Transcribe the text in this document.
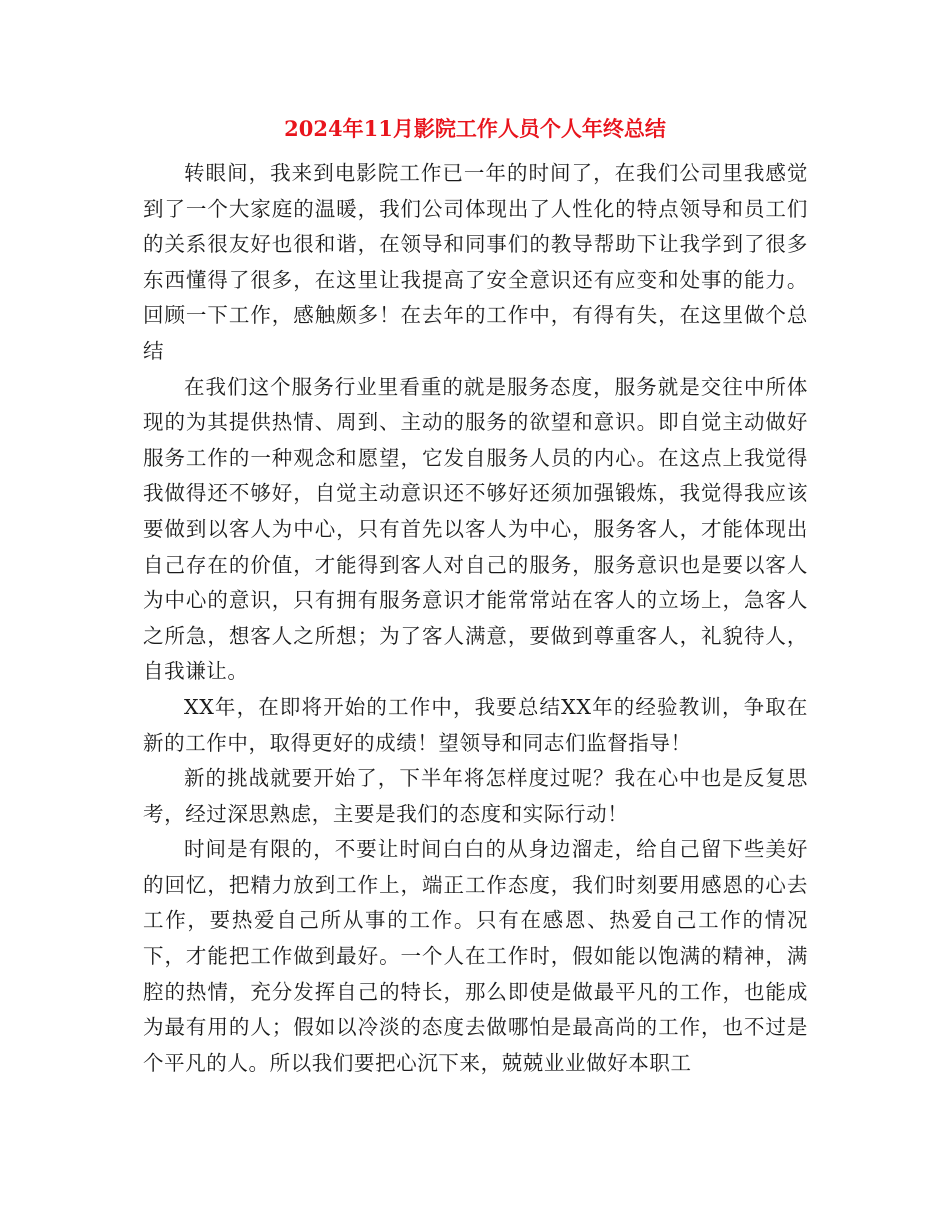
2024年11月影院工作人员个人年终总结

转眼间，我来到电影院工作已一年的时间了，在我们公司里我感觉到了一个大家庭的温暖，我们公司体现出了人性化的特点领导和员工们的关系很友好也很和谐，在领导和同事们的教导帮助下让我学到了很多东西懂得了很多，在这里让我提高了安全意识还有应变和处事的能力。回顾一下工作，感触颇多！在去年的工作中，有得有失，在这里做个总结

在我们这个服务行业里看重的就是服务态度，服务就是交往中所体现的为其提供热情、周到、主动的服务的欲望和意识。即自觉主动做好服务工作的一种观念和愿望，它发自服务人员的内心。在这点上我觉得我做得还不够好，自觉主动意识还不够好还须加强锻炼，我觉得我应该要做到以客人为中心，只有首先以客人为中心，服务客人，才能体现出自己存在的价值，才能得到客人对自己的服务，服务意识也是要以客人为中心的意识，只有拥有服务意识才能常常站在客人的立场上，急客人之所急，想客人之所想；为了客人满意，要做到尊重客人，礼貌待人，自我谦让。

XX年，在即将开始的工作中，我要总结XX年的经验教训，争取在新的工作中，取得更好的成绩！望领导和同志们监督指导！

新的挑战就要开始了，下半年将怎样度过呢？我在心中也是反复思考，经过深思熟虑，主要是我们的态度和实际行动！

时间是有限的，不要让时间白白的从身边溜走，给自己留下些美好的回忆，把精力放到工作上，端正工作态度，我们时刻要用感恩的心去工作，要热爱自己所从事的工作。只有在感恩、热爱自己工作的情况下，才能把工作做到最好。一个人在工作时，假如能以饱满的精神，满腔的热情，充分发挥自己的特长，那么即使是做最平凡的工作，也能成为最有用的人；假如以冷淡的态度去做哪怕是最高尚的工作，也不过是个平凡的人。所以我们要把心沉下来，兢兢业业做好本职工
